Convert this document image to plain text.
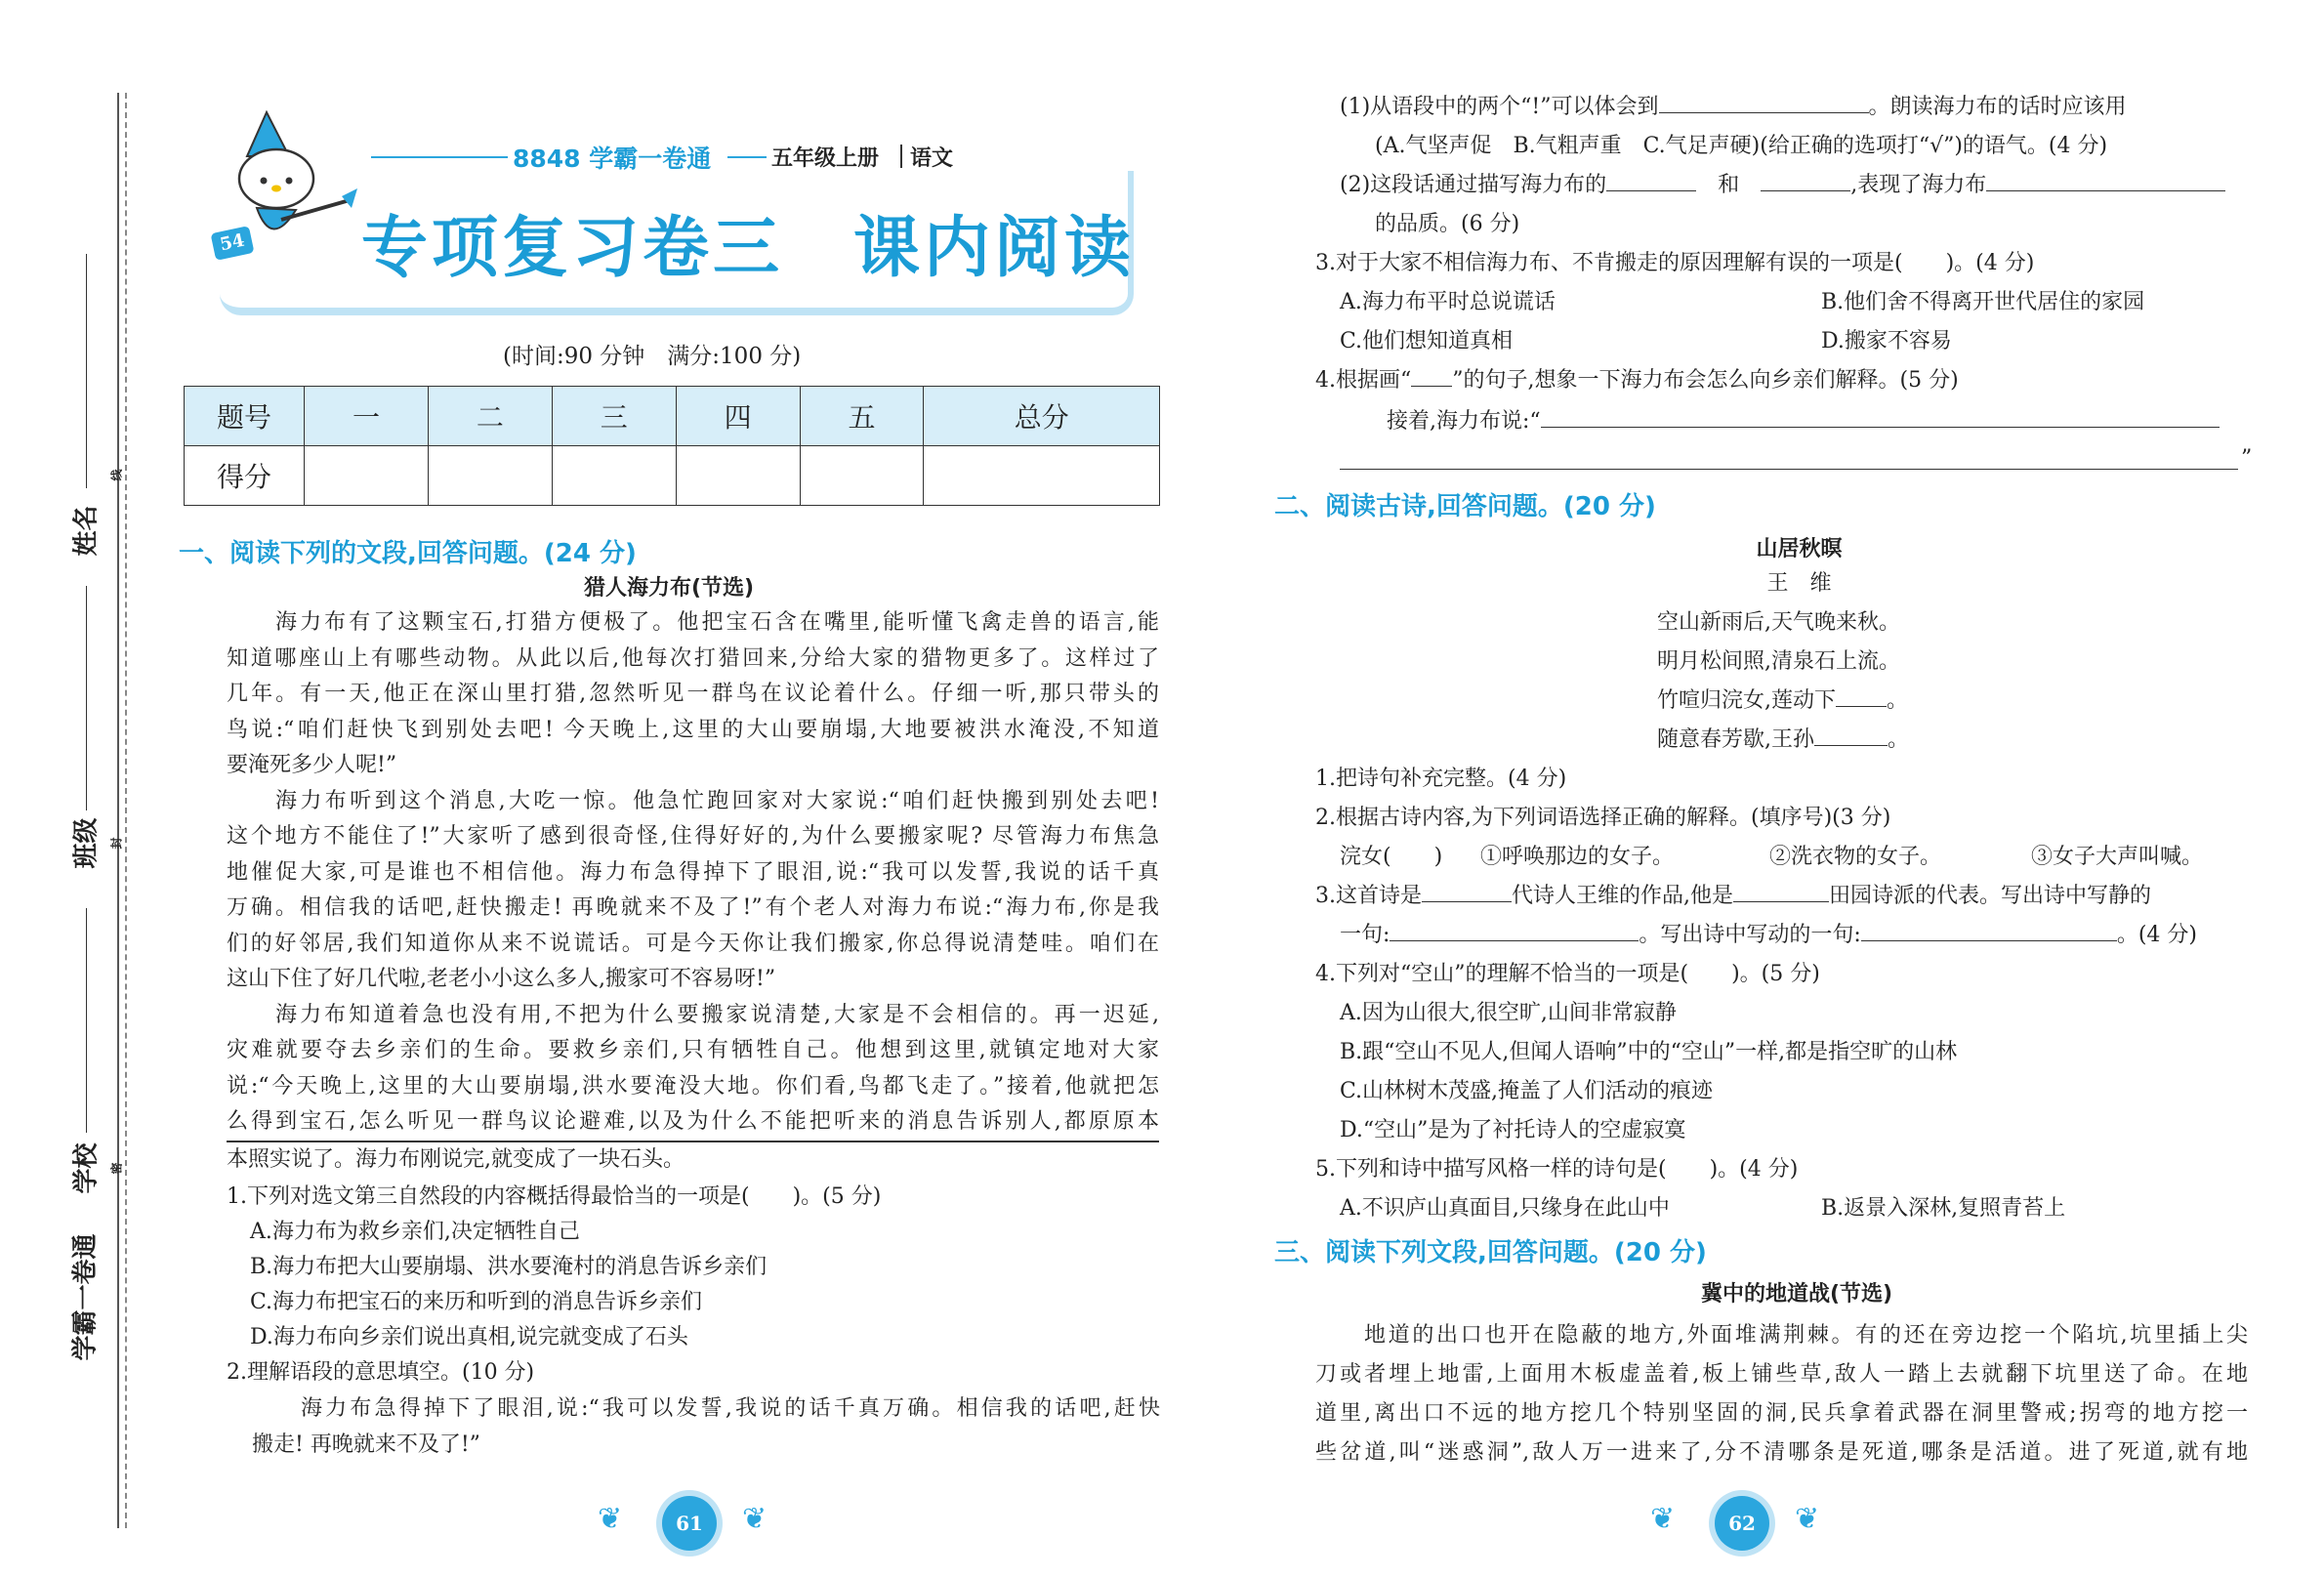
姓名
班级
学校
学霸一卷通
线
封
密
54
8848 学霸一卷通	五年级上册 语文
专项复习卷三　课内阅读
(时间:90 分钟　满分:100 分)
题号	一	二	三	四	五	总分
得分						
一、阅读下列的文段,回答问题。(24 分)
猎人海力布(节选)
海力布有了这颗宝石,打猎方便极了。他把宝石含在嘴里,能听懂飞禽走兽的语言,能
知道哪座山上有哪些动物。从此以后,他每次打猎回来,分给大家的猎物更多了。这样过了
几年。有一天,他正在深山里打猎,忽然听见一群鸟在议论着什么。仔细一听,那只带头的
鸟说:“咱们赶快飞到别处去吧! 今天晚上,这里的大山要崩塌,大地要被洪水淹没,不知道
要淹死多少人呢!”
海力布听到这个消息,大吃一惊。他急忙跑回家对大家说:“咱们赶快搬到别处去吧!
这个地方不能住了!”大家听了感到很奇怪,住得好好的,为什么要搬家呢? 尽管海力布焦急
地催促大家,可是谁也不相信他。海力布急得掉下了眼泪,说:“我可以发誓,我说的话千真
万确。相信我的话吧,赶快搬走! 再晚就来不及了!”有个老人对海力布说:“海力布,你是我
们的好邻居,我们知道你从来不说谎话。可是今天你让我们搬家,你总得说清楚哇。咱们在
这山下住了好几代啦,老老小小这么多人,搬家可不容易呀!”
海力布知道着急也没有用,不把为什么要搬家说清楚,大家是不会相信的。再一迟延,
灾难就要夺去乡亲们的生命。要救乡亲们,只有牺牲自己。他想到这里,就镇定地对大家
说:“今天晚上,这里的大山要崩塌,洪水要淹没大地。你们看,鸟都飞走了。”接着,他就把怎
么得到宝石,怎么听见一群鸟议论避难,以及为什么不能把听来的消息告诉别人,都原原本
本照实说了。海力布刚说完,就变成了一块石头。
1.下列对选文第三自然段的内容概括得最恰当的一项是(　　)。(5 分)
A.海力布为救乡亲们,决定牺牲自己
B.海力布把大山要崩塌、洪水要淹村的消息告诉乡亲们
C.海力布把宝石的来历和听到的消息告诉乡亲们
D.海力布向乡亲们说出真相,说完就变成了石头
2.理解语段的意思填空。(10 分)
海力布急得掉下了眼泪,说:“我可以发誓,我说的话千真万确。相信我的话吧,赶快
搬走! 再晚就来不及了!”
(1)从语段中的两个“!”可以体会到	。朗读海力布的话时应该用
(A.气坚声促　B.气粗声重　C.气足声硬)(给正确的选项打“√”)的语气。(4 分)
(2)这段话通过描写海力布的　	和　	,表现了海力布
的品质。(6 分)
3.对于大家不相信海力布、不肯搬走的原因理解有误的一项是(　　)。(4 分)
A.海力布平时总说谎话	B.他们舍不得离开世代居住的家园
C.他们想知道真相	D.搬家不容易
4.根据画“ ”的句子,想象一下海力布会怎么向乡亲们解释。(5 分)
接着,海力布说:“
”
二、阅读古诗,回答问题。(20 分)
山居秋暝
王　维
空山新雨后,天气晚来秋。
明月松间照,清泉石上流。
竹喧归浣女,莲动下 。
随意春芳歇,王孙	。
1.把诗句补充完整。(4 分)
2.根据古诗内容,为下列词语选择正确的解释。(填序号)(3 分)
浣女(　　) ①呼唤那边的女子。	②洗衣物的女子。	③女子大声叫喊。
3.这首诗是	代诗人王维的作品,他是	田园诗派的代表。写出诗中写静的
一句:	。写出诗中写动的一句:	。(4 分)
4.下列对“空山”的理解不恰当的一项是(　　)。(5 分)
A.因为山很大,很空旷,山间非常寂静
B.跟“空山不见人,但闻人语响”中的“空山”一样,都是指空旷的山林
C.山林树木茂盛,掩盖了人们活动的痕迹
D.“空山”是为了衬托诗人的空虚寂寞
5.下列和诗中描写风格一样的诗句是(　　)。(4 分)
A.不识庐山真面目,只缘身在此山中	B.返景入深林,复照青苔上
三、阅读下列文段,回答问题。(20 分)
冀中的地道战(节选)
地道的出口也开在隐蔽的地方,外面堆满荆棘。有的还在旁边挖一个陷坑,坑里插上尖
刀或者埋上地雷,上面用木板虚盖着,板上铺些草,敌人一踏上去就翻下坑里送了命。在地
道里,离出口不远的地方挖几个特别坚固的洞,民兵拿着武器在洞里警戒;拐弯的地方挖一
些岔道,叫“迷惑洞”,敌人万一进来了,分不清哪条是死道,哪条是活道。进了死道,就有地
❦	61	❦	❦	62	❦
